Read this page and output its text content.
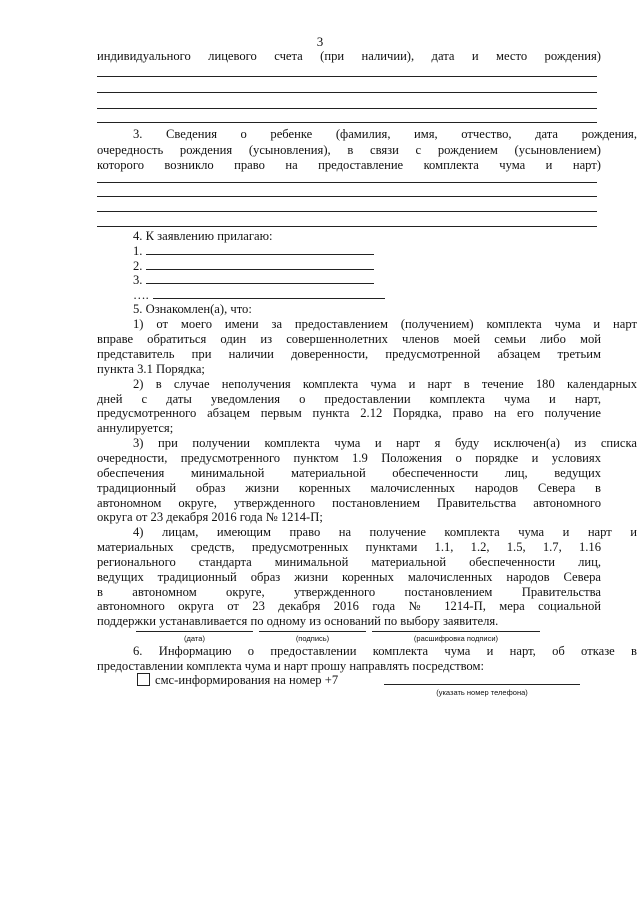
3
индивидуального лицевого счета (при наличии), дата и место рождения)
3. Сведения о ребенке (фамилия, имя, отчество, дата рождения,
очередность рождения (усыновления), в связи с рождением (усыновлением)
которого возникло право на предоставление комплекта чума и нарт)
4. К заявлению прилагаю:
1.
2.
3.
….
5. Ознакомлен(а), что:
1) от моего имени за предоставлением (получением) комплекта чума и нарт
вправе обратиться один из совершеннолетних членов моей семьи либо мой
представитель при наличии доверенности, предусмотренной абзацем третьим
пункта 3.1 Порядка;
2) в случае неполучения комплекта чума и нарт в течение 180 календарных
дней с даты уведомления о предоставлении комплекта чума и нарт,
предусмотренного абзацем первым пункта 2.12 Порядка, право на его получение
аннулируется;
3) при получении комплекта чума и нарт я буду исключен(а) из списка
очередности, предусмотренного пунктом 1.9 Положения о порядке и условиях
обеспечения минимальной материальной обеспеченности лиц, ведущих
традиционный образ жизни коренных малочисленных народов Севера в
автономном округе, утвержденного постановлением Правительства автономного
округа от 23 декабря 2016 года № 1214-П;
4) лицам, имеющим право на получение комплекта чума и нарт и
материальных средств, предусмотренных пунктами 1.1, 1.2, 1.5, 1.7, 1.16
регионального стандарта минимальной материальной обеспеченности лиц,
ведущих традиционный образ жизни коренных малочисленных народов Севера
в автономном округе, утвержденного постановлением Правительства
автономного округа от 23 декабря 2016 года № 1214-П, мера социальной
поддержки устанавливается по одному из оснований по выбору заявителя.
(дата)	(подпись)	(расшифровка подписи)
6. Информацию о предоставлении комплекта чума и нарт, об отказе в
предоставлении комплекта чума и нарт прошу направлять посредством:
смс-информирования на номер +7
(указать номер телефона)
